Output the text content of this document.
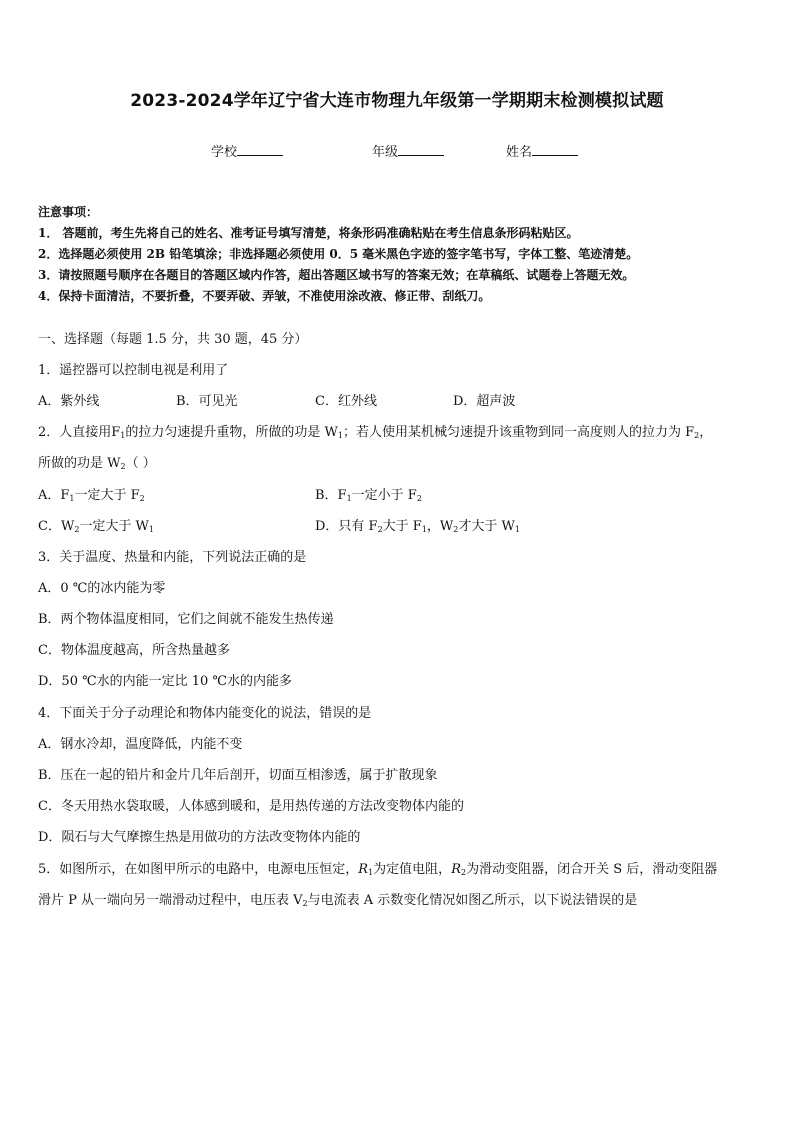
2023-2024学年辽宁省大连市物理九年级第一学期期末检测模拟试题
学校	年级	姓名
注意事项：
1． 答题前，考生先将自己的姓名、准考证号填写清楚，将条形码准确粘贴在考生信息条形码粘贴区。
2．选择题必须使用 2B 铅笔填涂；非选择题必须使用 0．5 毫米黑色字迹的签字笔书写，字体工整、笔迹清楚。
3．请按照题号顺序在各题目的答题区域内作答，超出答题区域书写的答案无效；在草稿纸、试题卷上答题无效。
4．保持卡面清洁，不要折叠，不要弄破、弄皱，不准使用涂改液、修正带、刮纸刀。
一、选择题（每题 1.5 分，共 30 题，45 分）
1．遥控器可以控制电视是利用了
A．紫外线	B．可见光	C．红外线	D．超声波
2．人直接用$F_1$的拉力匀速提升重物，所做的功是 $W_1$；若人使用某机械匀速提升该重物到同一高度则人的拉力为 $F_2$，
所做的功是 $W_2$（ ）
A．$F_1$一定大于 $F_2$	B．$F_1$一定小于 $F_2$
C．$W_2$一定大于 $W_1$	D．只有 $F_2$大于 $F_1$，$W_2$才大于 $W_1$
3．关于温度、热量和内能，下列说法正确的是
A．0 ℃的冰内能为零
B．两个物体温度相同，它们之间就不能发生热传递
C．物体温度越高，所含热量越多
D．50 ℃水的内能一定比 10 ℃水的内能多
4．下面关于分子动理论和物体内能变化的说法，错误的是
A．钢水冷却，温度降低，内能不变
B．压在一起的铅片和金片几年后剖开，切面互相渗透，属于扩散现象
C．冬天用热水袋取暖，人体感到暖和，是用热传递的方法改变物体内能的
D．陨石与大气摩擦生热是用做功的方法改变物体内能的
5．如图所示，在如图甲所示的电路中，电源电压恒定，$R_1$为定值电阻，$R_2$为滑动变阻器，闭合开关 S 后，滑动变阻器
滑片 P 从一端向另一端滑动过程中，电压表 $V_2$与电流表 A 示数变化情况如图乙所示，以下说法错误的是
